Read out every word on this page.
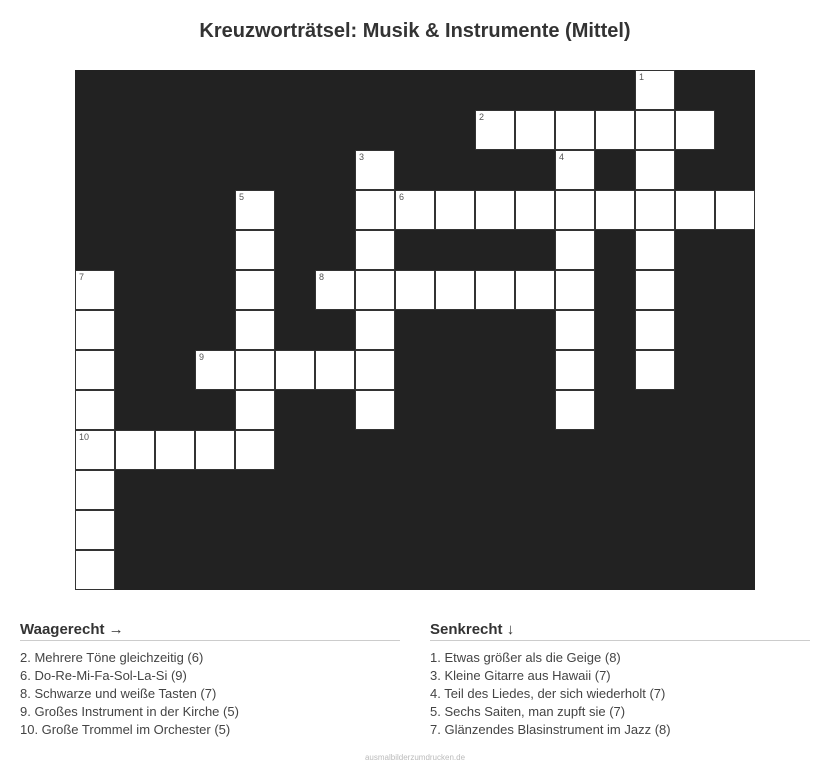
Kreuzworträtsel: Musik & Instrumente (Mittel)
1
2
3	4
5	6
7	8
9
10
Waagerecht →
2. Mehrere Töne gleichzeitig (6)
6. Do-Re-Mi-Fa-Sol-La-Si (9)
8. Schwarze und weiße Tasten (7)
9. Großes Instrument in der Kirche (5)
10. Große Trommel im Orchester (5)
Senkrecht ↓
1. Etwas größer als die Geige (8)
3. Kleine Gitarre aus Hawaii (7)
4. Teil des Liedes, der sich wiederholt (7)
5. Sechs Saiten, man zupft sie (7)
7. Glänzendes Blasinstrument im Jazz (8)
ausmalbilderzumdrucken.de
